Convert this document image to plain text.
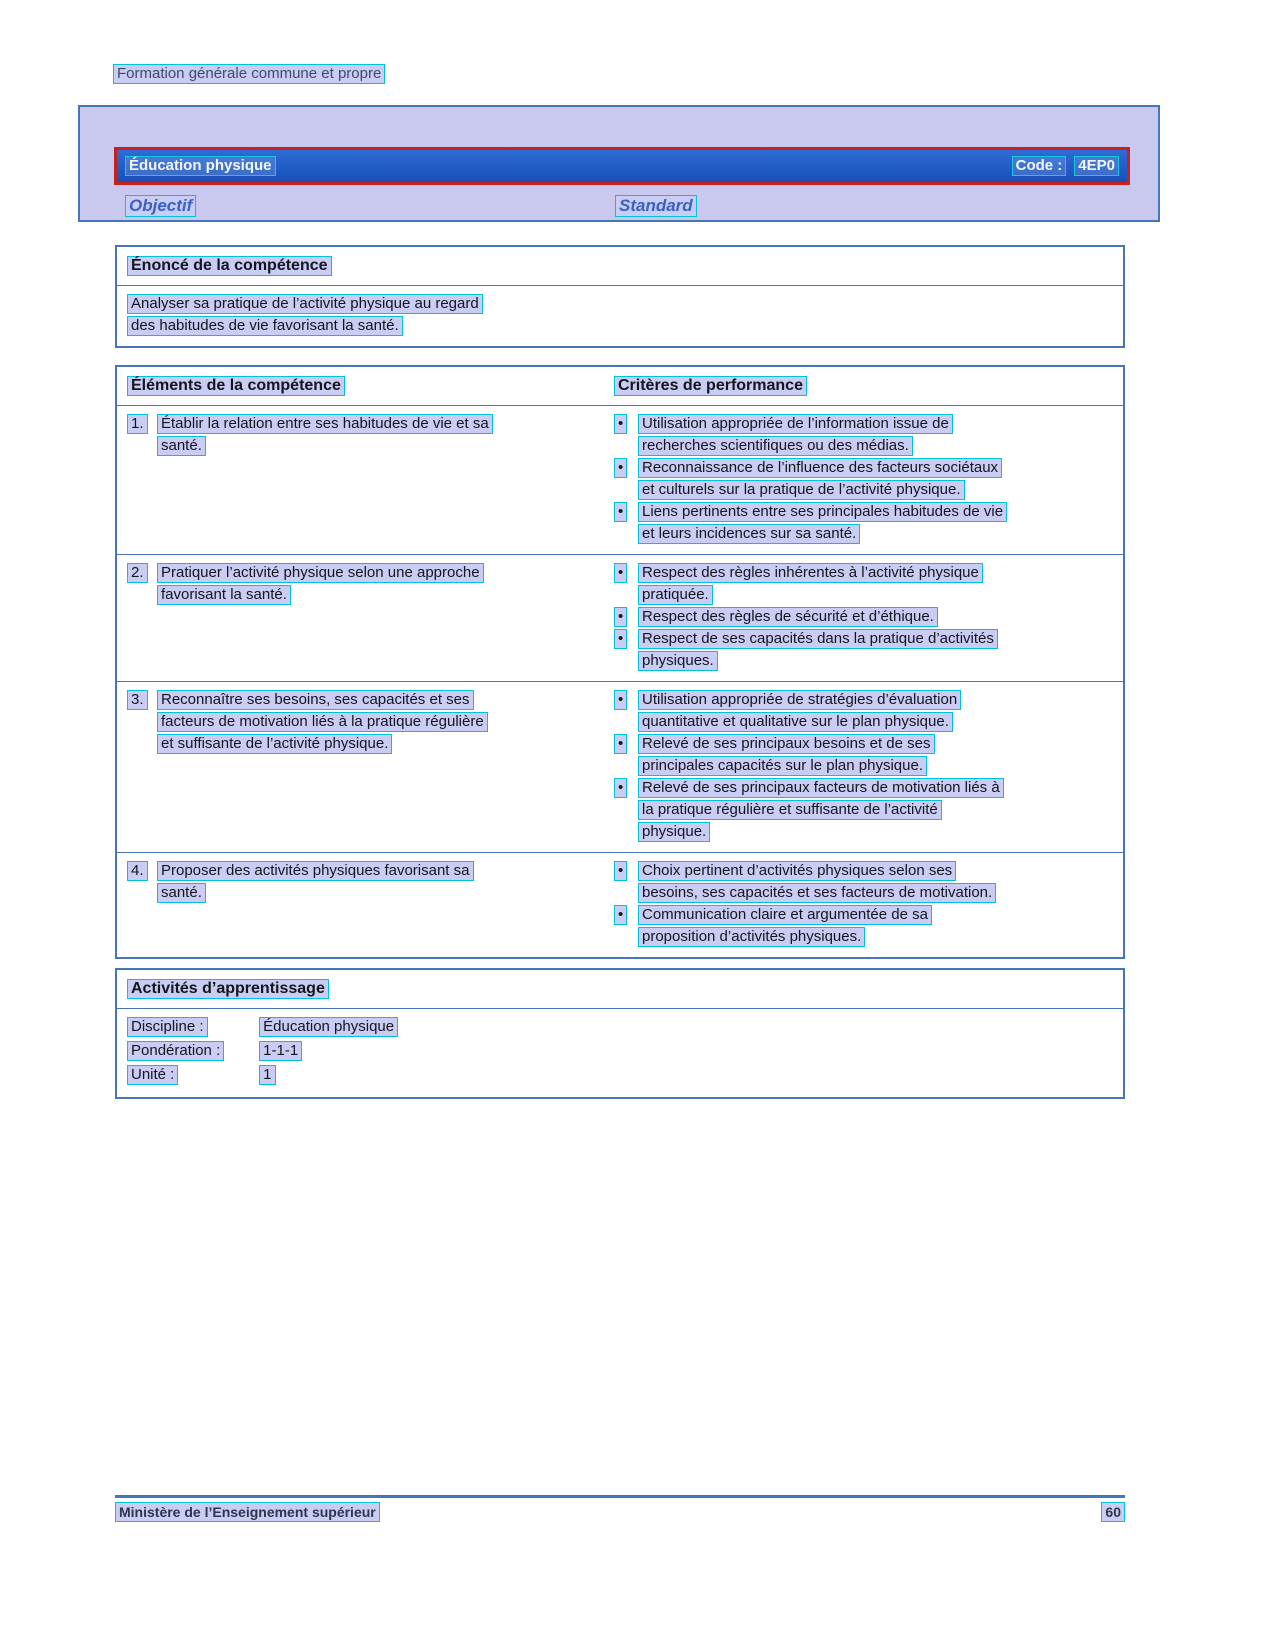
Formation générale commune et propre
Éducation physique	Code : 4EP0
Objectif	Standard
Énoncé de la compétence
Analyser sa pratique de l’activité physique au regard
des habitudes de vie favorisant la santé.
Éléments de la compétence	Critères de performance
1.	Établir la relation entre ses habitudes de vie et sa
santé.
•	Utilisation appropriée de l’information issue de
recherches scientifiques ou des médias.
•	Reconnaissance de l’influence des facteurs sociétaux
et culturels sur la pratique de l’activité physique.
•	Liens pertinents entre ses principales habitudes de vie
et leurs incidences sur sa santé.
2.	Pratiquer l’activité physique selon une approche
favorisant la santé.
•	Respect des règles inhérentes à l’activité physique
pratiquée.
•	Respect des règles de sécurité et d’éthique.
•	Respect de ses capacités dans la pratique d’activités
physiques.
3.	Reconnaître ses besoins, ses capacités et ses
facteurs de motivation liés à la pratique régulière
et suffisante de l’activité physique.
•	Utilisation appropriée de stratégies d’évaluation
quantitative et qualitative sur le plan physique.
•	Relevé de ses principaux besoins et de ses
principales capacités sur le plan physique.
•	Relevé de ses principaux facteurs de motivation liés à
la pratique régulière et suffisante de l’activité
physique.
4.	Proposer des activités physiques favorisant sa
santé.
•	Choix pertinent d’activités physiques selon ses
besoins, ses capacités et ses facteurs de motivation.
•	Communication claire et argumentée de sa
proposition d’activités physiques.
Activités d’apprentissage
Discipline :	Éducation physique
Pondération :	1-1-1
Unité :	1
Ministère de l’Enseignement supérieur	60
